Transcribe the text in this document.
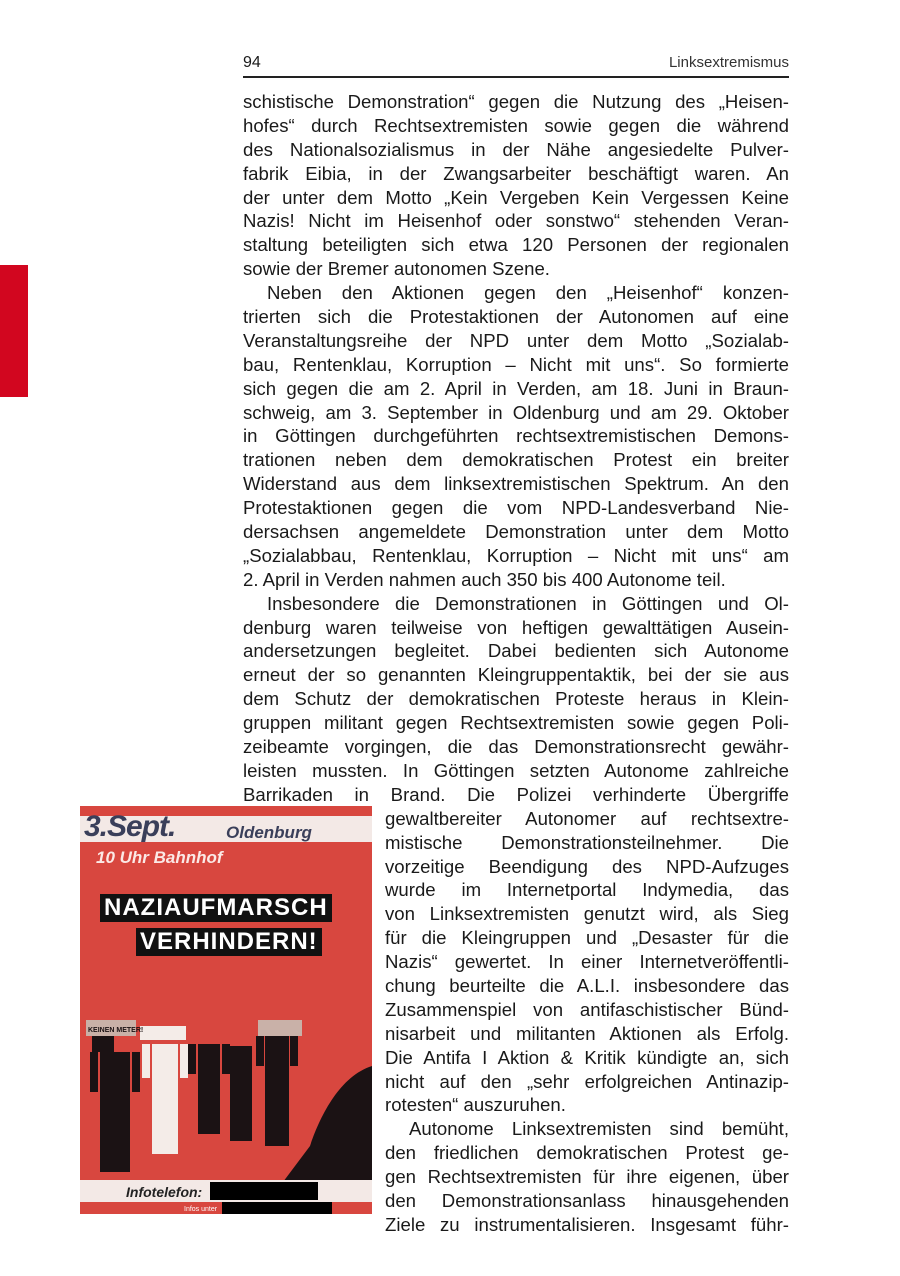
94	Linksextremismus
schistische Demonstration“ gegen die Nutzung des „Heisen-
hofes“ durch Rechtsextremisten sowie gegen die während
des Nationalsozialismus in der Nähe angesiedelte Pulver-
fabrik Eibia, in der Zwangsarbeiter beschäftigt waren. An
der unter dem Motto „Kein Vergeben Kein Vergessen Keine
Nazis! Nicht im Heisenhof oder sonstwo“ stehenden Veran-
staltung beteiligten sich etwa 120 Personen der regionalen
sowie der Bremer autonomen Szene.
Neben den Aktionen gegen den „Heisenhof“ konzen-
trierten sich die Protestaktionen der Autonomen auf eine
Veranstaltungsreihe der NPD unter dem Motto „Sozialab-
bau, Rentenklau, Korruption – Nicht mit uns“. So formierte
sich gegen die am 2. April in Verden, am 18. Juni in Braun-
schweig, am 3. September in Oldenburg und am 29. Oktober
in Göttingen durchgeführten rechtsextremistischen Demons-
trationen neben dem demokratischen Protest ein breiter
Widerstand aus dem linksextremistischen Spektrum. An den
Protestaktionen gegen die vom NPD-Landesverband Nie-
dersachsen angemeldete Demonstration unter dem Motto
„Sozialabbau, Rentenklau, Korruption – Nicht mit uns“ am
2. April in Verden nahmen auch 350 bis 400 Autonome teil.
Insbesondere die Demonstrationen in Göttingen und Ol-
denburg waren teilweise von heftigen gewalttätigen Ausein-
andersetzungen begleitet. Dabei bedienten sich Autonome
erneut der so genannten Kleingruppentaktik, bei der sie aus
dem Schutz der demokratischen Proteste heraus in Klein-
gruppen militant gegen Rechtsextremisten sowie gegen Poli-
zeibeamte vorgingen, die das Demonstrationsrecht gewähr-
leisten mussten. In Göttingen setzten Autonome zahlreiche
Barrikaden in Brand. Die Polizei verhinderte Übergriffe
gewaltbereiter Autonomer auf rechtsextre-
mistische Demonstrationsteilnehmer. Die
vorzeitige Beendigung des NPD-Aufzuges
wurde im Internetportal Indymedia, das
von Linksextremisten genutzt wird, als Sieg
für die Kleingruppen und „Desaster für die
Nazis“ gewertet. In einer Internetveröffentli-
chung beurteilte die A.L.I. insbesondere das
Zusammenspiel von antifaschistischer Bünd-
nisarbeit und militanten Aktionen als Erfolg.
Die Antifa I Aktion & Kritik kündigte an, sich
nicht auf den „sehr erfolgreichen Antinazip-
rotesten“ auszuruhen.
Autonome Linksextremisten sind bemüht,
den friedlichen demokratischen Protest ge-
gen Rechtsextremisten für ihre eigenen, über
den Demonstrationsanlass hinausgehenden
Ziele zu instrumentalisieren. Insgesamt führ-
3.Sept.	Oldenburg
10 Uhr Bahnhof
NAZIAUFMARSCH
VERHINDERN!
KEINEN METER!
Infotelefon:
Infos unter
